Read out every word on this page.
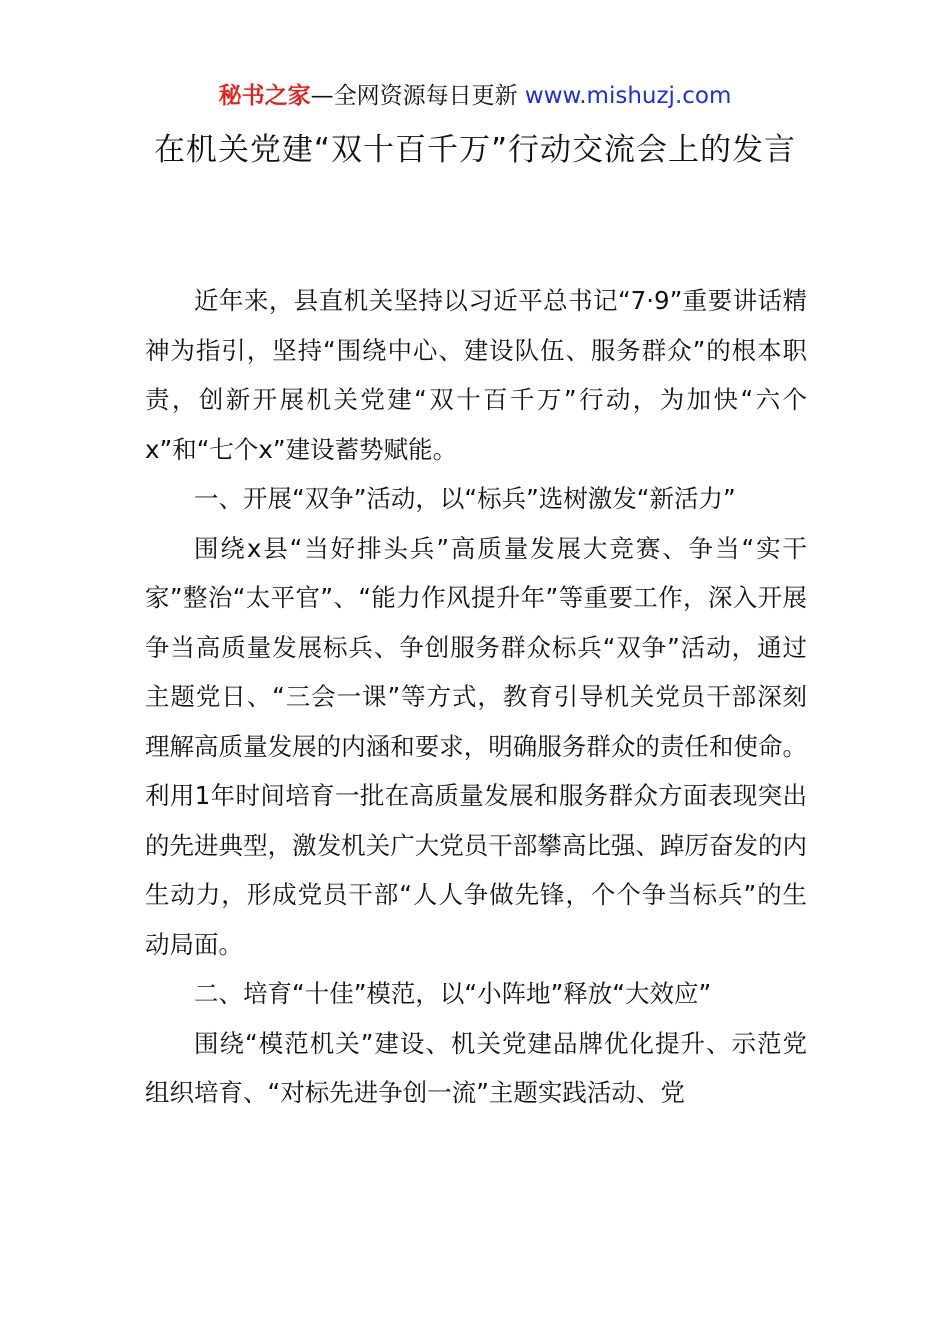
秘书之家—全网资源每日更新 www.mishuzj.com
在机关党建“双十百千万”行动交流会上的发言

近年来，县直机关坚持以习近平总书记“7·9”重要讲话精神为指引，坚持“围绕中心、建设队伍、服务群众”的根本职责，创新开展机关党建“双十百千万”行动，为加快“六个x”和“七个x”建设蓄势赋能。

一、开展“双争”活动，以“标兵”选树激发“新活力”

围绕x县“当好排头兵”高质量发展大竞赛、争当“实干家”整治“太平官”、“能力作风提升年”等重要工作，深入开展争当高质量发展标兵、争创服务群众标兵“双争”活动，通过主题党日、“三会一课”等方式，教育引导机关党员干部深刻理解高质量发展的内涵和要求，明确服务群众的责任和使命。利用1年时间培育一批在高质量发展和服务群众方面表现突出的先进典型，激发机关广大党员干部攀高比强、踔厉奋发的内生动力，形成党员干部“人人争做先锋，个个争当标兵”的生动局面。

二、培育“十佳”模范，以“小阵地”释放“大效应”

围绕“模范机关”建设、机关党建品牌优化提升、示范党组织培育、“对标先进争创一流”主题实践活动、党
